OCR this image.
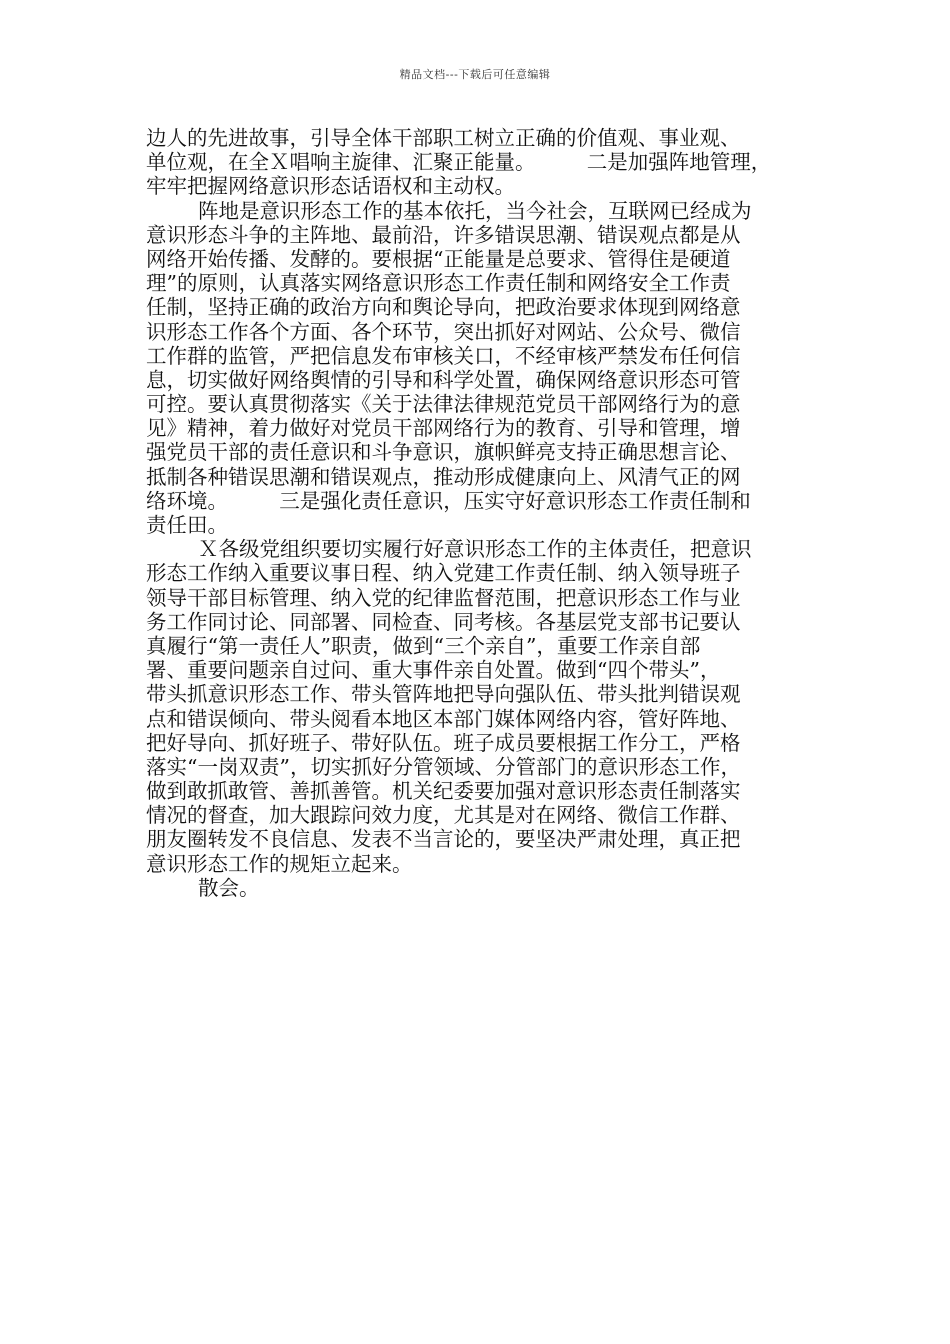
精品文档---下载后可任意编辑
边人的先进故事，引导全体干部职工树立正确的价值观、事业观、
单位观，在全Ｘ唱响主旋律、汇聚正能量。　　　二是加强阵地管理，
牢牢把握网络意识形态话语权和主动权。
阵地是意识形态工作的基本依托，当今社会，互联网已经成为
意识形态斗争的主阵地、最前沿，许多错误思潮、错误观点都是从
网络开始传播、发酵的。要根据“正能量是总要求、管得住是硬道
理”的原则，认真落实网络意识形态工作责任制和网络安全工作责
任制，坚持正确的政治方向和舆论导向，把政治要求体现到网络意
识形态工作各个方面、各个环节，突出抓好对网站、公众号、微信
工作群的监管，严把信息发布审核关口，不经审核严禁发布任何信
息，切实做好网络舆情的引导和科学处置，确保网络意识形态可管
可控。要认真贯彻落实《关于法律法律规范党员干部网络行为的意
见》精神，着力做好对党员干部网络行为的教育、引导和管理，增
强党员干部的责任意识和斗争意识，旗帜鲜亮支持正确思想言论、
抵制各种错误思潮和错误观点，推动形成健康向上、风清气正的网
络环境。　　　三是强化责任意识，压实守好意识形态工作责任制和
责任田。
Ｘ各级党组织要切实履行好意识形态工作的主体责任，把意识
形态工作纳入重要议事日程、纳入党建工作责任制、纳入领导班子
领导干部目标管理、纳入党的纪律监督范围，把意识形态工作与业
务工作同讨论、同部署、同检查、同考核。各基层党支部书记要认
真履行“第一责任人”职责，做到“三个亲自”，重要工作亲自部
署、重要问题亲自过问、重大事件亲自处置。做到“四个带头”，
带头抓意识形态工作、带头管阵地把导向强队伍、带头批判错误观
点和错误倾向、带头阅看本地区本部门媒体网络内容，管好阵地、
把好导向、抓好班子、带好队伍。班子成员要根据工作分工，严格
落实“一岗双责”，切实抓好分管领域、分管部门的意识形态工作，
做到敢抓敢管、善抓善管。机关纪委要加强对意识形态责任制落实
情况的督查，加大跟踪问效力度，尤其是对在网络、微信工作群、
朋友圈转发不良信息、发表不当言论的，要坚决严肃处理，真正把
意识形态工作的规矩立起来。
散会。
